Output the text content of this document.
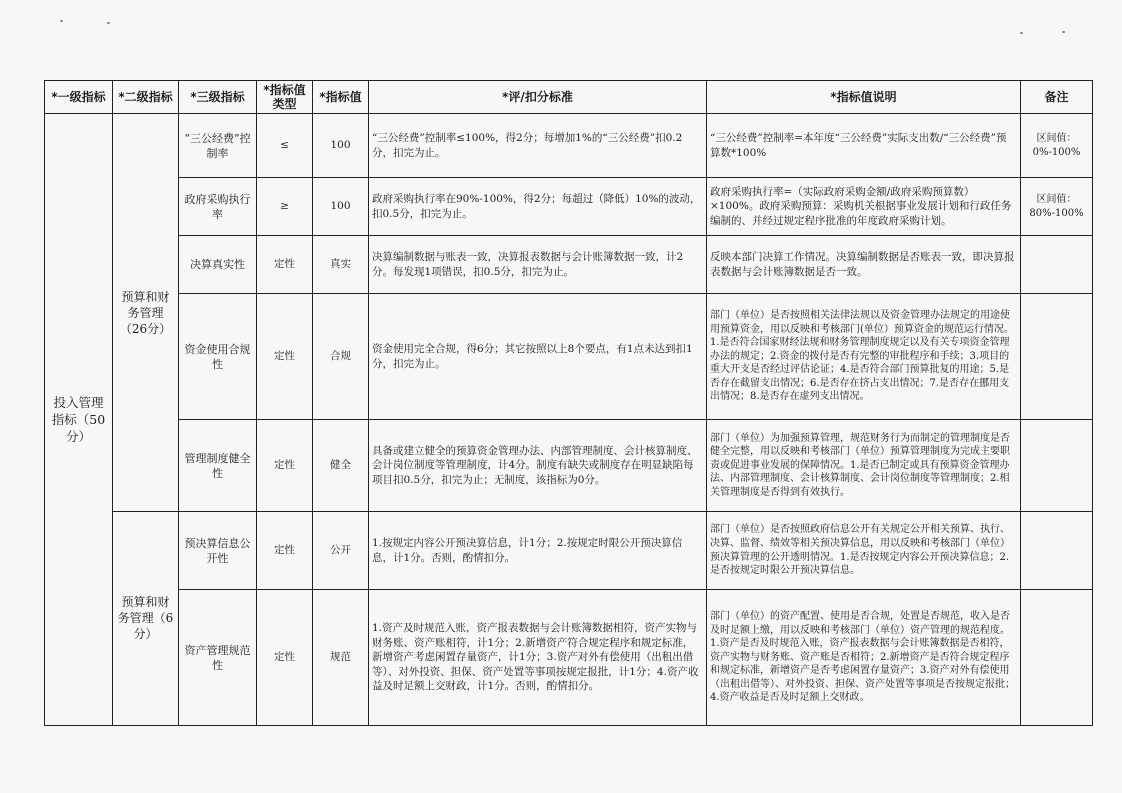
*一级指标	*二级指标	*三级指标	*指标值类型	*指标值	*评/扣分标准	*指标值说明	备注
投入管理指标（50分）	预算和财务管理（26分）	“三公经费”控制率	≤	100	“三公经费”控制率≤100%，得2分；每增加1%的“三公经费”扣0.2分，扣完为止。	“三公经费”控制率=本年度“三公经费”实际支出数/“三公经费”预算数*100%	区间值：0%-100%
		政府采购执行率	≥	100	政府采购执行率在90%-100%，得2分；每超过（降低）10%的波动，扣0.5分，扣完为止。	政府采购执行率=（实际政府采购金额/政府采购预算数）×100%。政府采购预算：采购机关根据事业发展计划和行政任务编制的、并经过规定程序批准的年度政府采购计划。	区间值：80%-100%
		决算真实性	定性	真实	决算编制数据与账表一致，决算报表数据与会计账簿数据一致，计2分。每发现1项错误，扣0.5分，扣完为止。	反映本部门决算工作情况。决算编制数据是否账表一致，即决算报表数据与会计账簿数据是否一致。	
		资金使用合规性	定性	合规	资金使用完全合规，得6分；其它按照以上8个要点，有1点未达到扣1分，扣完为止。	部门（单位）是否按照相关法律法规以及资金管理办法规定的用途使用预算资金，用以反映和考核部门(单位）预算资金的规范运行情况。1.是否符合国家财经法规和财务管理制度规定以及有关专项资金管理办法的规定；2.资金的拨付是否有完整的审批程序和手续；3.项目的重大开支是否经过评估论证；4.是否符合部门预算批复的用途；5.是否存在截留支出情况；6.是否存在挤占支出情况；7.是否存在挪用支出情况；8.是否存在虚列支出情况。	
		管理制度健全性	定性	健全	具备或建立健全的预算资金管理办法、内部管理制度、会计核算制度、会计岗位制度等管理制度，计4分。制度有缺失或制度存在明显缺陷每项目扣0.5分，扣完为止；无制度，该指标为0分。	部门（单位）为加强预算管理，规范财务行为而制定的管理制度是否健全完整，用以反映和考核部门（单位）预算管理制度为完成主要职责或促进事业发展的保障情况。1.是否已制定或具有预算资金管理办法、内部管理制度、会计核算制度、会计岗位制度等管理制度；2.相关管理制度是否得到有效执行。	
	预算和财务管理（6分）	预决算信息公开性	定性	公开	1.按规定内容公开预决算信息，计1分；2.按规定时限公开预决算信息，计1分。否则，酌情扣分。	部门（单位）是否按照政府信息公开有关规定公开相关预算、执行、决算、监督、绩效等相关预决算信息，用以反映和考核部门（单位）预决算管理的公开透明情况。1.是否按规定内容公开预决算信息；2.是否按规定时限公开预决算信息。	
		资产管理规范性	定性	规范	1.资产及时规范入账，资产报表数据与会计账簿数据相符，资产实物与财务账、资产账相符，计1分；2.新增资产符合规定程序和规定标准，新增资产考虑闲置存量资产，计1分；3.资产对外有偿使用（出租出借等）、对外投资、担保、资产处置等事项按规定报批，计1分；4.资产收益及时足额上交财政，计1分。否则，酌情扣分。	部门（单位）的资产配置、使用是否合规，处置是否规范，收入是否及时足额上缴，用以反映和考核部门（单位）资产管理的规范程度。1.资产是否及时规范入账，资产报表数据与会计账簿数据是否相符，资产实物与财务账、资产账是否相符；2.新增资产是否符合规定程序和规定标准，新增资产是否考虑闲置存量资产；3.资产对外有偿使用（出租出借等）、对外投资、担保、资产处置等事项是否按规定报批；4.资产收益是否及时足额上交财政。	
